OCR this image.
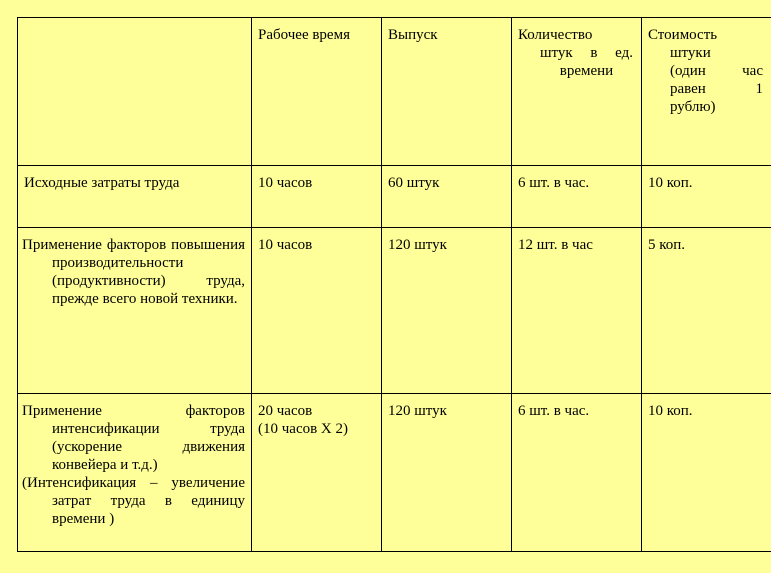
	Рабочее время	Выпуск	Количество
штук в ед.
времени	Стоимость
штуки
(один час
равен 1
рублю)

Исходные затраты труда	10 часов	60 штук	6 шт. в час.	10 коп.

Применение факторов повышения производительности (продуктивности) труда, прежде всего новой техники.	10 часов	120 штук	12 шт. в час	5 коп.

Применение факторов интенсификации труда (ускорение движения конвейера и т.д.)
(Интенсификация – увеличение затрат труда в единицу времени )	20 часов
(10 часов Х 2)	120 штук	6 шт. в час.	10 коп.
